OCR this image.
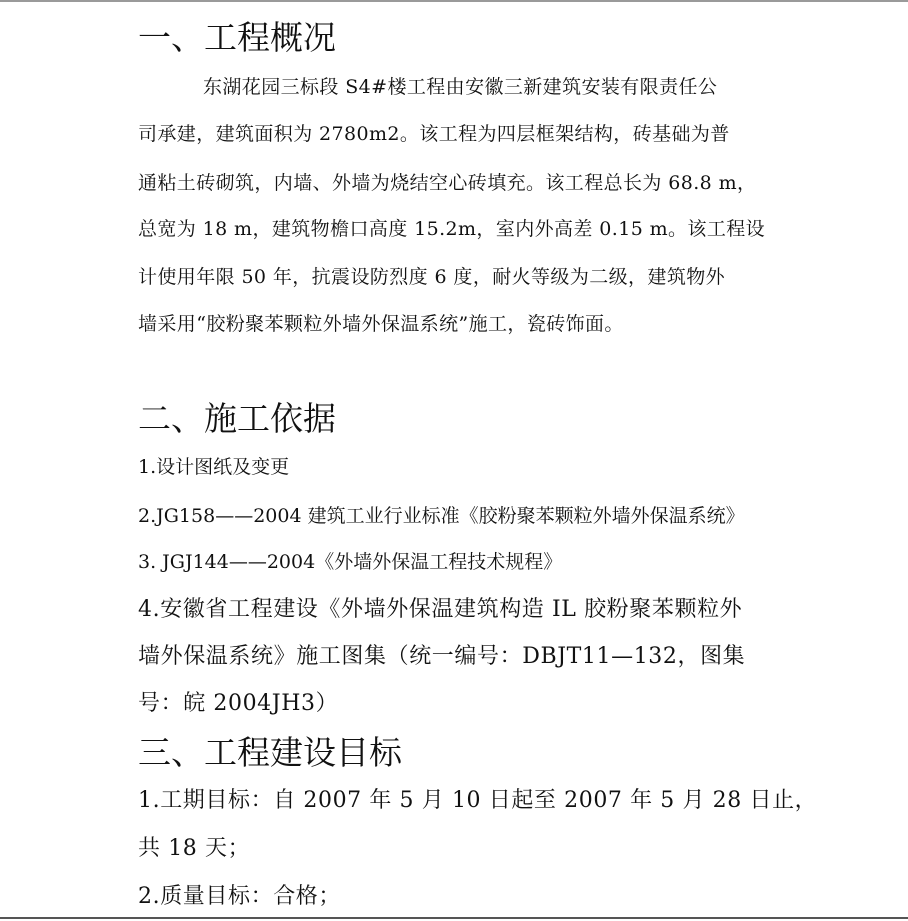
一、工程概况
东湖花园三标段 S4#楼工程由安徽三新建筑安装有限责任公
司承建，建筑面积为 2780m2。该工程为四层框架结构，砖基础为普
通粘土砖砌筑，内墙、外墙为烧结空心砖填充。该工程总长为 68.8 m，
总宽为 18 m，建筑物檐口高度 15.2m，室内外高差 0.15 m。该工程设
计使用年限 50 年，抗震设防烈度 6 度，耐火等级为二级，建筑物外
墙采用“胶粉聚苯颗粒外墙外保温系统”施工，瓷砖饰面。
二、施工依据
1.设计图纸及变更
2.JG158——2004 建筑工业行业标准《胶粉聚苯颗粒外墙外保温系统》
3. JGJ144——2004《外墙外保温工程技术规程》
4.安徽省工程建设《外墙外保温建筑构造 IL 胶粉聚苯颗粒外
墙外保温系统》施工图集（统一编号：DBJT11—132，图集
号：皖 2004JH3）
三、工程建设目标
1.工期目标：自 2007 年 5 月 10 日起至 2007 年 5 月 28 日止，
共 18 天；
2.质量目标：合格；
